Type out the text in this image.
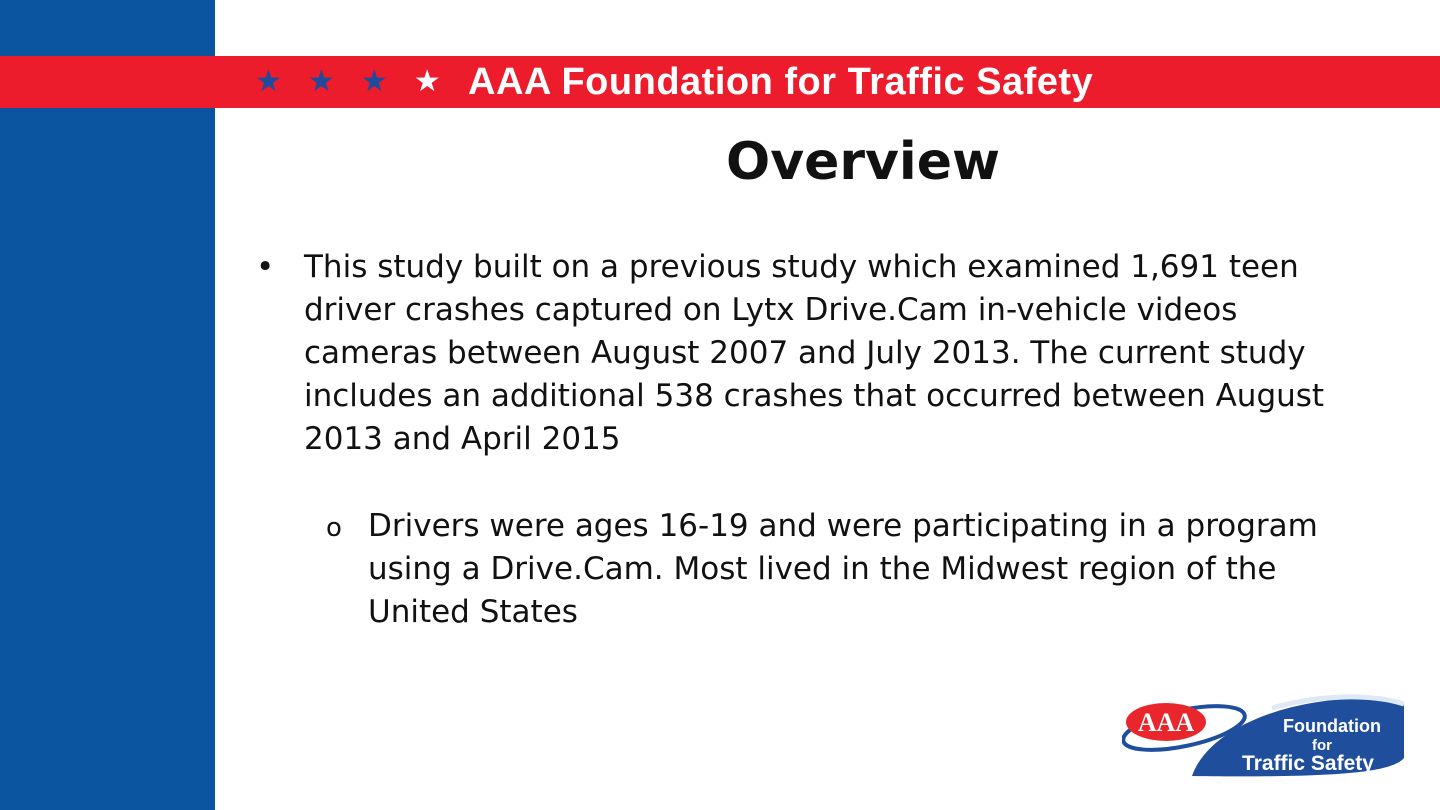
★ ★ ★ ★ AAA Foundation for Traffic Safety
Overview
• This study built on a previous study which examined 1,691 teen driver crashes captured on Lytx Drive.Cam in-vehicle videos cameras between August 2007 and July 2013. The current study includes an additional 538 crashes that occurred between August 2013 and April 2015
o Drivers were ages 16-19 and were participating in a program using a Drive.Cam. Most lived in the Midwest region of the United States
AAA	Foundation
for
Traffic Safety
